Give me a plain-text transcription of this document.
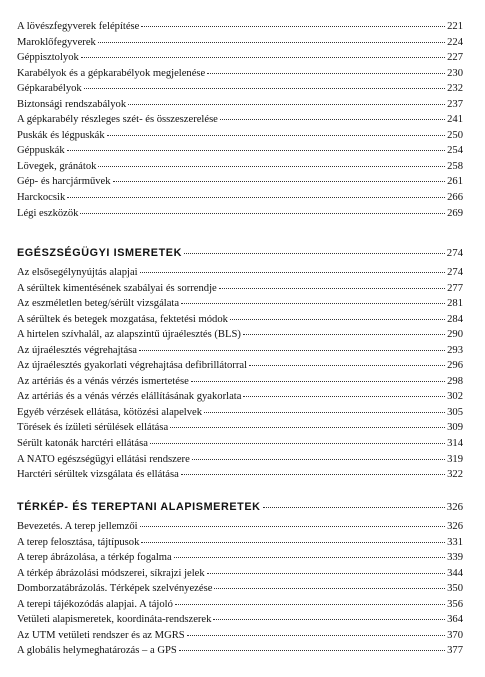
A lövészfegyverek felépítése	221
Maroklőfegyverek	224
Géppisztolyok	227
Karabélyok és a gépkarabélyok megjelenése	230
Gépkarabélyok	232
Biztonsági rendszabályok	237
A gépkarabély részleges szét- és összeszerelése	241
Puskák és légpuskák	250
Géppuskák	254
Lövegek, gránátok	258
Gép- és harcjárművek	261
Harckocsik	266
Légi eszközök	269
EGÉSZSÉGÜGYI ISMERETEK	274
Az elsősegélynyújtás alapjai	274
A sérültek kimentésének szabályai és sorrendje	277
Az eszméletlen beteg/sérült vizsgálata	281
A sérültek és betegek mozgatása, fektetési módok	284
A hirtelen szívhalál, az alapszintű újraélesztés (BLS)	290
Az újraélesztés végrehajtása	293
Az újraélesztés gyakorlati végrehajtása defibrillátorral	296
Az artériás és a vénás vérzés ismertetése	298
Az artériás és a vénás vérzés elállításának gyakorlata	302
Egyéb vérzések ellátása, kötözési alapelvek	305
Törések és ízületi sérülések ellátása	309
Sérült katonák harctéri ellátása	314
A NATO egészségügyi ellátási rendszere	319
Harctéri sérültek vizsgálata és ellátása	322
TÉRKÉP- ÉS TEREPTANI ALAPISMERETEK	326
Bevezetés. A terep jellemzői	326
A terep felosztása, tájtípusok	331
A terep ábrázolása, a térkép fogalma	339
A térkép ábrázolási módszerei, síkrajzi jelek	344
Domborzatábrázolás. Térképek szelvényezése	350
A terepi tájékozódás alapjai. A tájoló	356
Vetületi alapismeretek, koordináta-rendszerek	364
Az UTM vetületi rendszer és az MGRS	370
A globális helymeghatározás – a GPS	377
